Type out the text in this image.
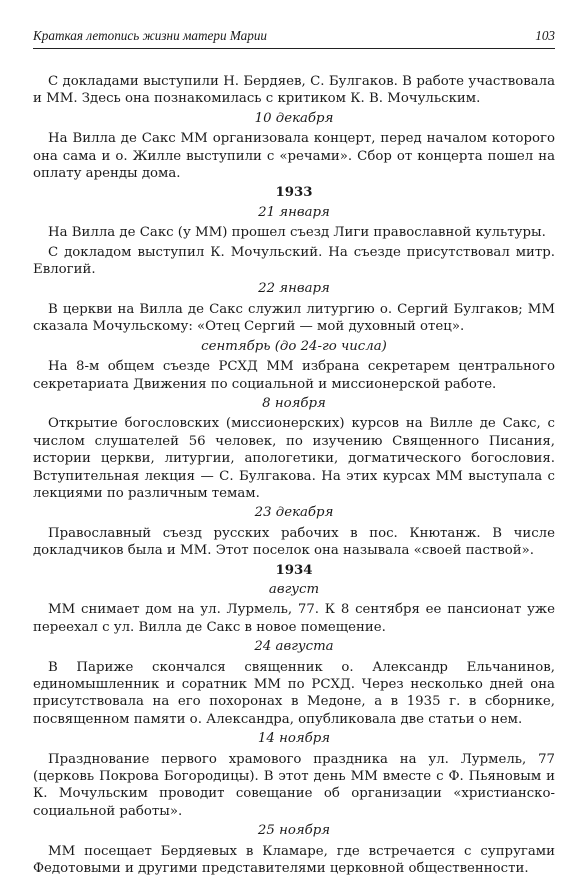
Краткая летопись жизни матери Марии	103

С докладами выступили Н. Бердяев, С. Булгаков. В работе участвовала и ММ. Здесь она познакомилась с критиком К. В. Мочульским.

10 декабря

На Вилла де Сакс ММ организовала концерт, перед началом которого она сама и о. Жилле выступили с «речами». Сбор от концерта пошел на оплату аренды дома.

1933
21 января

На Вилла де Сакс (у ММ) прошел съезд Лиги православной культуры.

С докладом выступил К. Мочульский. На съезде присутствовал митр. Евлогий.

22 января

В церкви на Вилла де Сакс служил литургию о. Сергий Булгаков; ММ сказала Мочульскому: «Отец Сергий — мой духовный отец».

сентябрь (до 24-го числа)

На 8-м общем съезде РСХД ММ избрана секретарем центрального секретариата Движения по социальной и миссионерской работе.

8 ноября

Открытие богословских (миссионерских) курсов на Вилле де Сакс, с числом слушателей 56 человек, по изучению Священного Писания, истории церкви, литургии, апологетики, догматического богословия. Вступительная лекция — С. Булгакова. На этих курсах ММ выступала с лекциями по различным темам.

23 декабря

Православный съезд русских рабочих в пос. Кнютанж. В числе докладчиков была и ММ. Этот поселок она называла «своей паствой».

1934
август

ММ снимает дом на ул. Лурмель, 77. К 8 сентября ее пансионат уже переехал с ул. Вилла де Сакс в новое помещение.

24 августа

В Париже скончался священник о. Александр Ельчанинов, единомышленник и соратник ММ по РСХД. Через несколько дней она присутствовала на его похоронах в Медоне, а в 1935 г. в сборнике, посвященном памяти о. Александра, опубликовала две статьи о нем.

14 ноября

Празднование первого храмового праздника на ул. Лурмель, 77 (церковь Покрова Богородицы). В этот день ММ вместе с Ф. Пьяновым и К. Мочульским проводит совещание об организации «христианско-социальной работы».

25 ноября

ММ посещает Бердяевых в Кламаре, где встречается с супругами Федотовыми и другими представителями церковной общественности.
